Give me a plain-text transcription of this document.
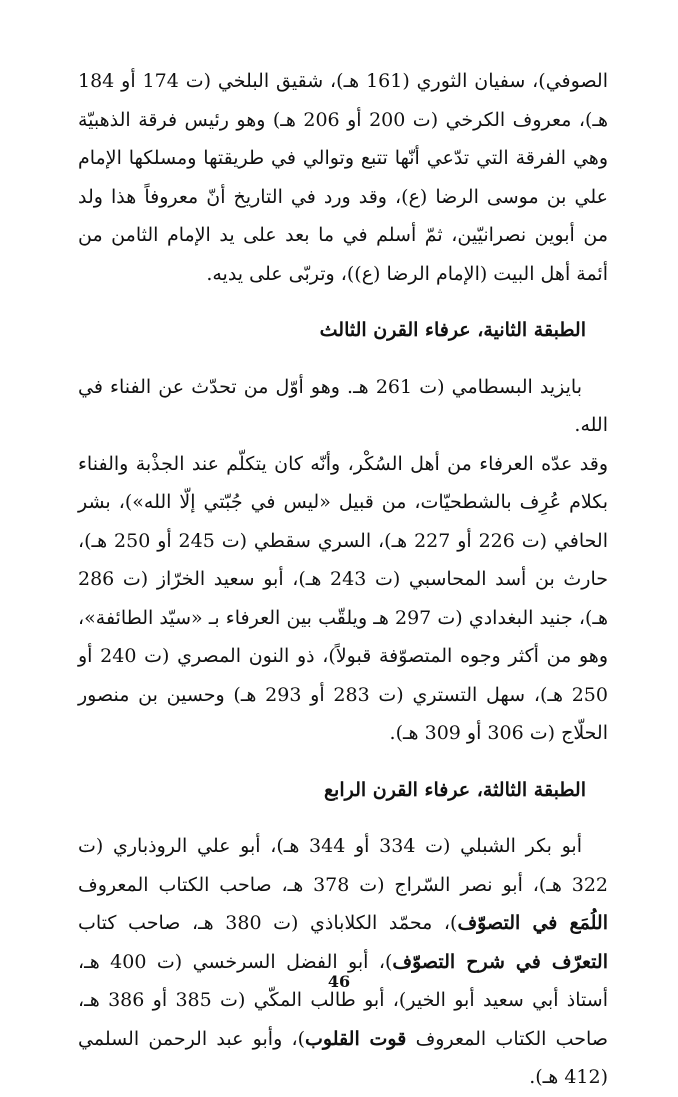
الصوفي)، سفيان الثوري (161 هـ)، شقيق البلخي (ت 174 أو 184 هـ)، معروف الكرخي (ت 200 أو 206 هـ) وهو رئيس فرقة الذهبيّة وهي الفرقة التي تدّعي أنّها تتبع وتوالي في طريقتها ومسلكها الإمام علي بن موسى الرضا (ع)، وقد ورد في التاريخ أنّ معروفاً هذا ولد من أبوين نصرانيّين، ثمّ أسلم في ما بعد على يد الإمام الثامن من أئمة أهل البيت (الإمام الرضا (ع))، وتربّى على يديه.

الطبقة الثانية، عرفاء القرن الثالث

بايزيد البسطامي (ت 261 هـ. وهو أوّل من تحدّث عن الفناء في الله.

وقد عدّه العرفاء من أهل السُكْر، وأنّه كان يتكلّم عند الجذْبة والفناء بكلام عُرِف بالشطحيّات، من قبيل «ليس في جُبّتي إلّا الله»)، بشر الحافي (ت 226 أو 227 هـ)، السري سقطي (ت 245 أو 250 هـ)، حارث بن أسد المحاسبي (ت 243 هـ)، أبو سعيد الخرّاز (ت 286 هـ)، جنيد البغدادي (ت 297 هـ ويلقّب بين العرفاء بـ «سيّد الطائفة»، وهو من أكثر وجوه المتصوّفة قبولاً)، ذو النون المصري (ت 240 أو 250 هـ)، سهل التستري (ت 283 أو 293 هـ) وحسين بن منصور الحلّاج (ت 306 أو 309 هـ).

الطبقة الثالثة، عرفاء القرن الرابع

أبو بكر الشبلي (ت 334 أو 344 هـ)، أبو علي الروذباري (ت 322 هـ)، أبو نصر السّراج (ت 378 هـ، صاحب الكتاب المعروف اللُمَع في التصوّف)، محمّد الكلاباذي (ت 380 هـ، صاحب كتاب التعرّف في شرح التصوّف)، أبو الفضل السرخسي (ت 400 هـ، أستاذ أبي سعيد أبو الخير)، أبو طالب المكّي (ت 385 أو 386 هـ، صاحب الكتاب المعروف قوت القلوب)، وأبو عبد الرحمن السلمي (412 هـ).

46
